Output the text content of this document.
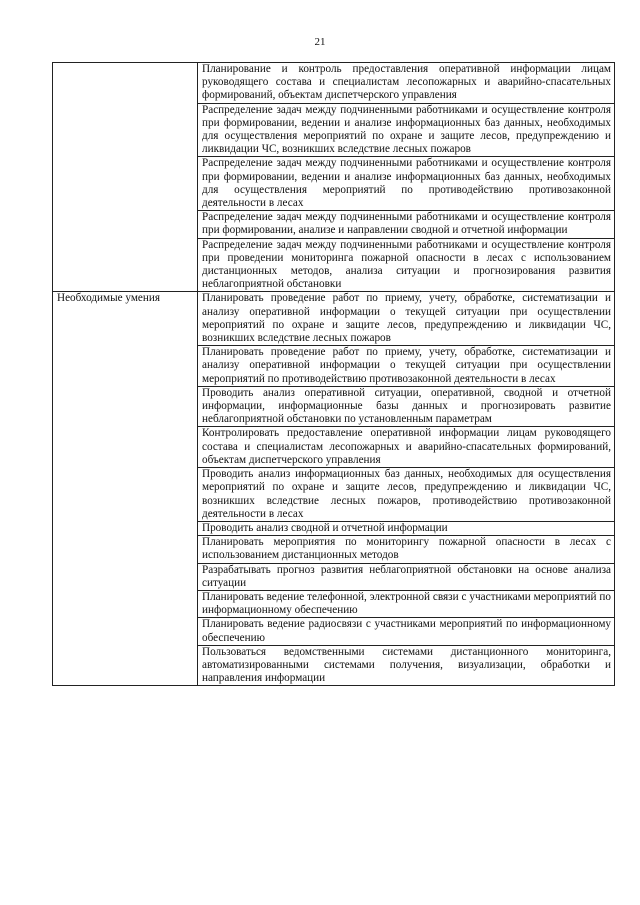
21
	Планирование и контроль предоставления оперативной информации лицам руководящего состава и специалистам лесопожарных и аварийно-спасательных формирований, объектам диспетчерского управления
	Распределение задач между подчиненными работниками и осуществление контроля при формировании, ведении и анализе информационных баз данных, необходимых для осуществления мероприятий по охране и защите лесов, предупреждению и ликвидации ЧС, возникших вследствие лесных пожаров
	Распределение задач между подчиненными работниками и осуществление контроля при формировании, ведении и анализе информационных баз данных, необходимых для осуществления мероприятий по противодействию противозаконной деятельности в лесах
	Распределение задач между подчиненными работниками и осуществление контроля при формировании, анализе и направлении сводной и отчетной информации
	Распределение задач между подчиненными работниками и осуществление контроля при проведении мониторинга пожарной опасности в лесах с использованием дистанционных методов, анализа ситуации и прогнозирования развития неблагоприятной обстановки

Необходимые умения	Планировать проведение работ по приему, учету, обработке, систематизации и анализу оперативной информации о текущей ситуации при осуществлении мероприятий по охране и защите лесов, предупреждению и ликвидации ЧС, возникших вследствие лесных пожаров
	Планировать проведение работ по приему, учету, обработке, систематизации и анализу оперативной информации о текущей ситуации при осуществлении мероприятий по противодействию противозаконной деятельности в лесах
	Проводить анализ оперативной ситуации, оперативной, сводной и отчетной информации, информационные базы данных и прогнозировать развитие неблагоприятной обстановки по установленным параметрам
	Контролировать предоставление оперативной информации лицам руководящего состава и специалистам лесопожарных и аварийно-спасательных формирований, объектам диспетчерского управления
	Проводить анализ информационных баз данных, необходимых для осуществления мероприятий по охране и защите лесов, предупреждению и ликвидации ЧС, возникших вследствие лесных пожаров, противодействию противозаконной деятельности в лесах
	Проводить анализ сводной и отчетной информации
	Планировать мероприятия по мониторингу пожарной опасности в лесах с использованием дистанционных методов
	Разрабатывать прогноз развития неблагоприятной обстановки на основе анализа ситуации
	Планировать ведение телефонной, электронной связи с участниками мероприятий по информационному обеспечению
	Планировать ведение радиосвязи с участниками мероприятий по информационному обеспечению
	Пользоваться ведомственными системами дистанционного мониторинга, автоматизированными системами получения, визуализации, обработки и направления информации
